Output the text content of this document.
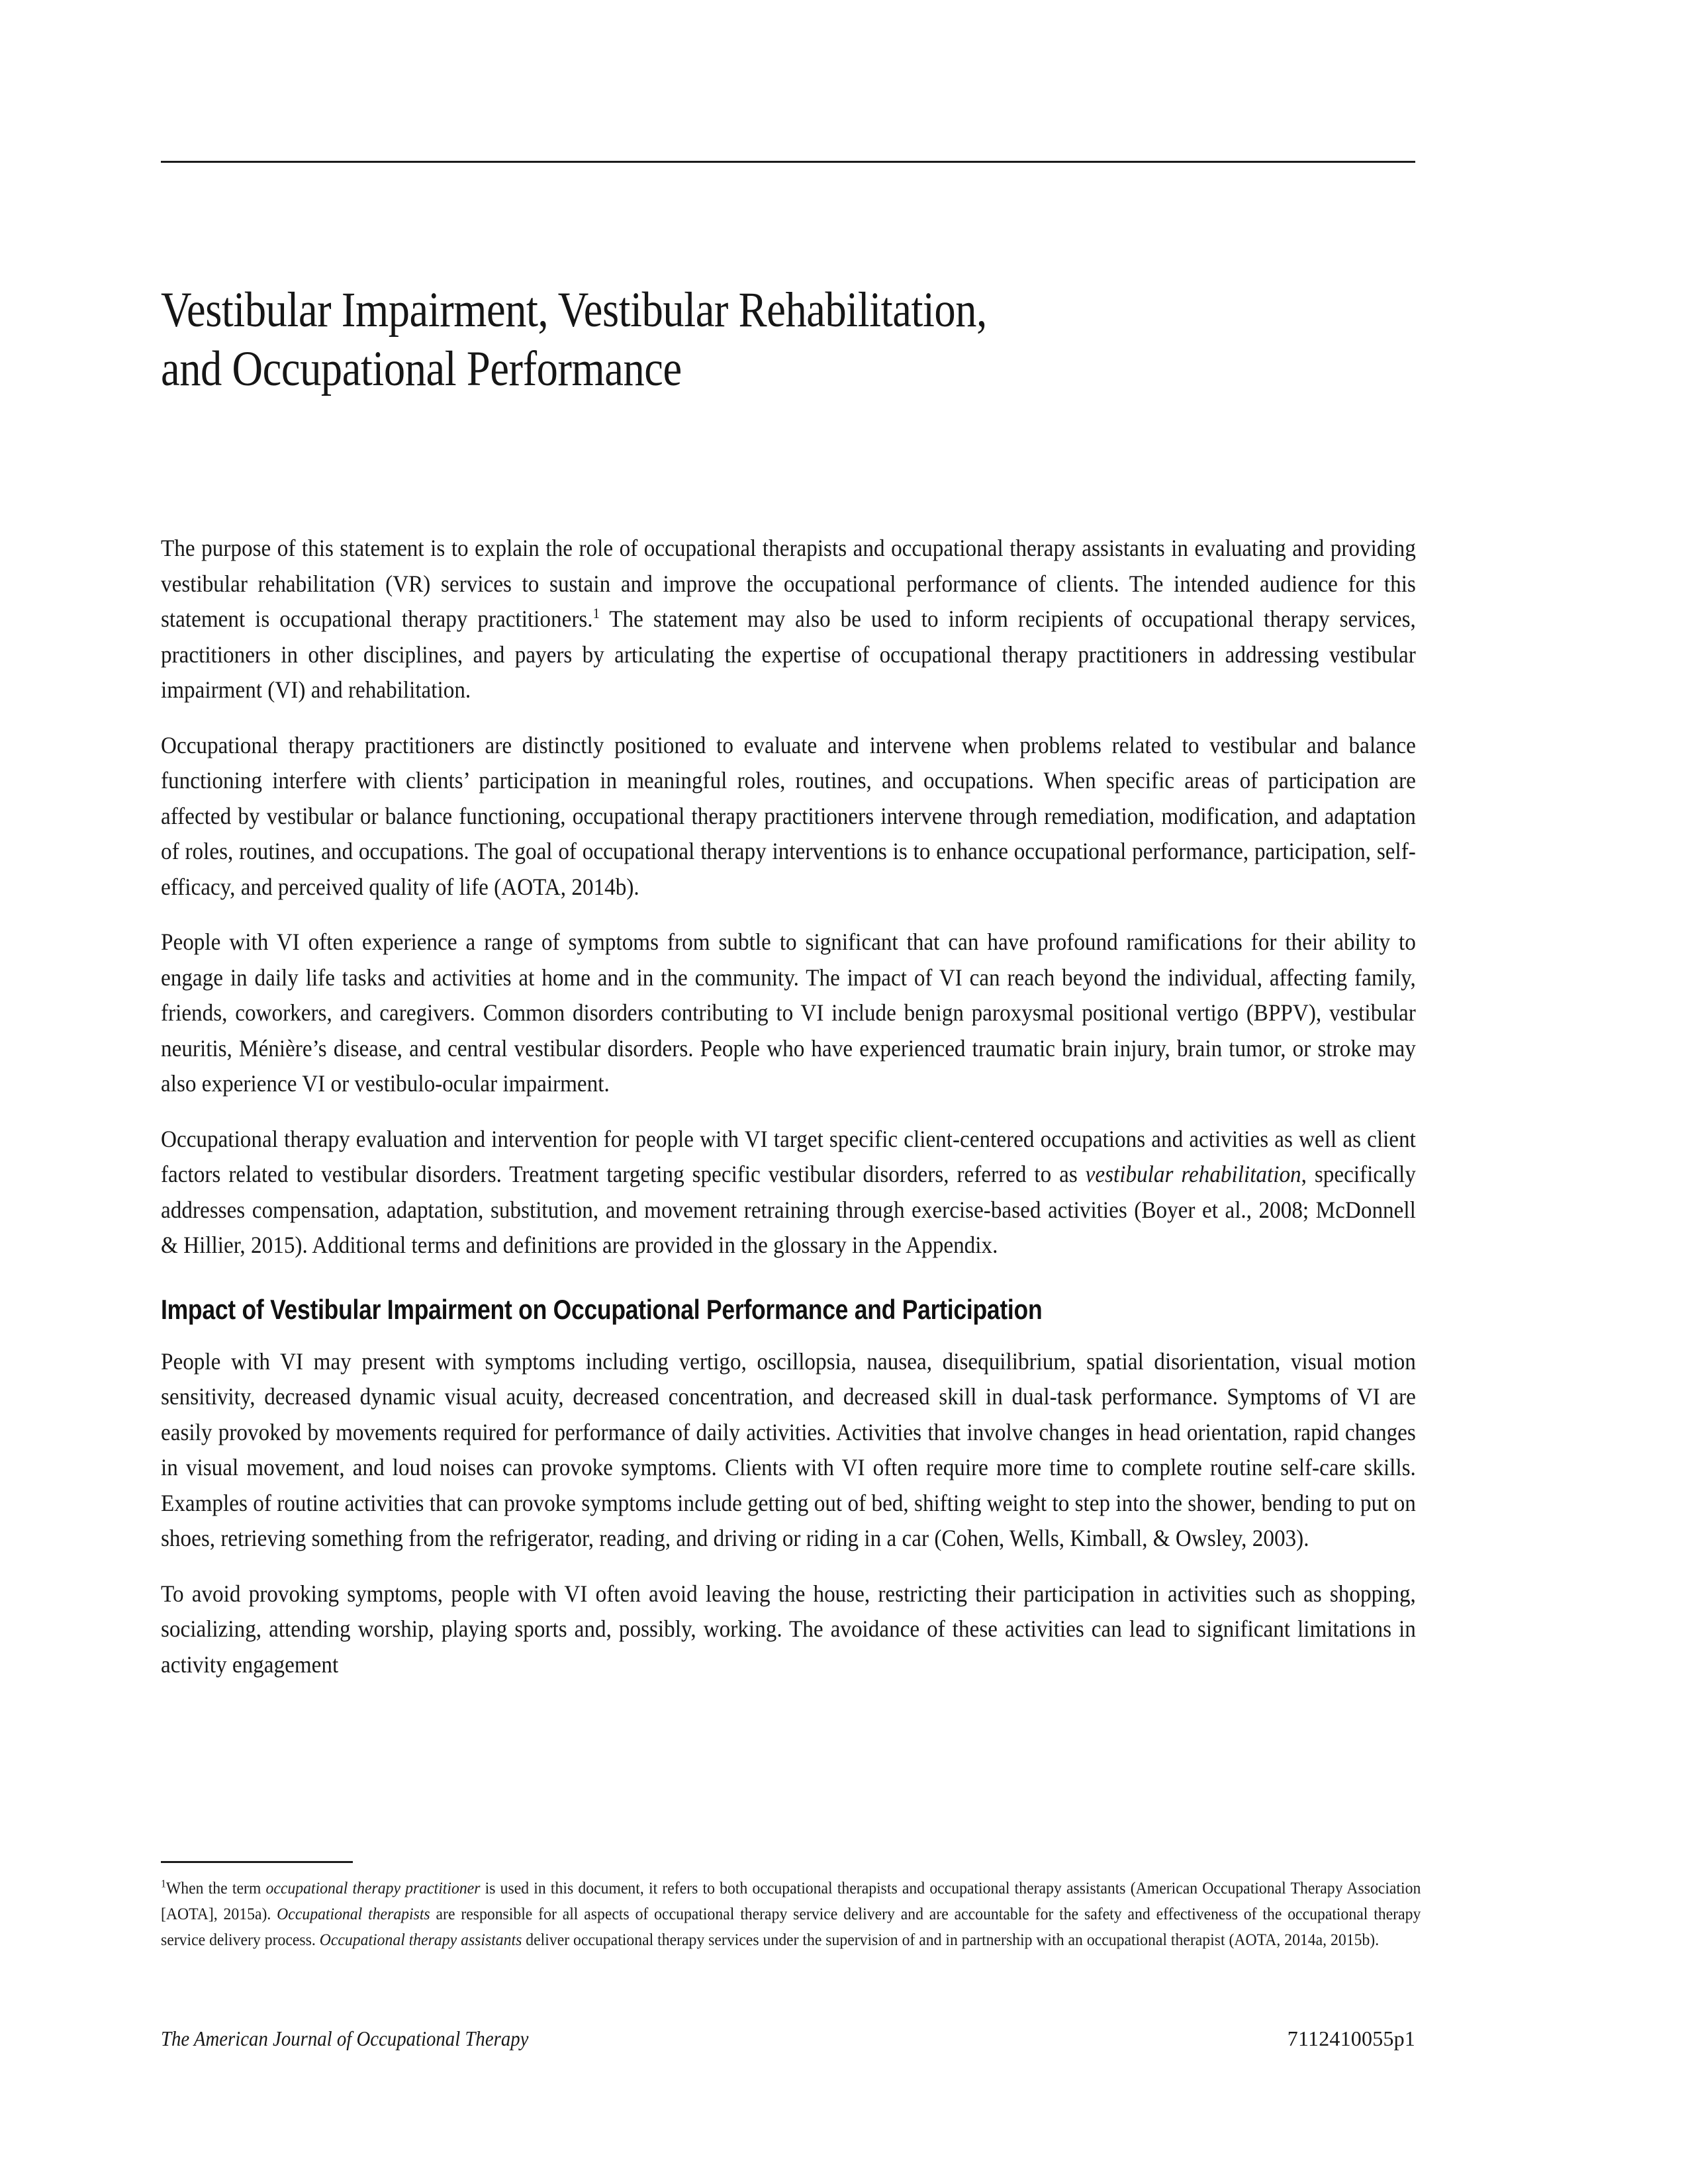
Vestibular Impairment, Vestibular Rehabilitation,
and Occupational Performance

The purpose of this statement is to explain the role of occupational therapists and occupational therapy assistants in evaluating and providing vestibular rehabilitation (VR) services to sustain and improve the occupational performance of clients. The intended audience for this statement is occupational therapy practitioners.$^1$ The statement may also be used to inform recipients of occupational therapy services, practitioners in other disciplines, and payers by articulating the expertise of occupational therapy practitioners in addressing vestibular impairment (VI) and rehabilitation.

Occupational therapy practitioners are distinctly positioned to evaluate and intervene when problems related to vestibular and balance functioning interfere with clients’ participation in meaningful roles, routines, and occupations. When specific areas of participation are affected by vestibular or balance functioning, occupational therapy practitioners intervene through remediation, modification, and adaptation of roles, routines, and occupations. The goal of occupational therapy interventions is to enhance occupational performance, participation, self-efficacy, and perceived quality of life (AOTA, 2014b).

People with VI often experience a range of symptoms from subtle to significant that can have profound ramifications for their ability to engage in daily life tasks and activities at home and in the community. The impact of VI can reach beyond the individual, affecting family, friends, coworkers, and caregivers. Common disorders contributing to VI include benign paroxysmal positional vertigo (BPPV), vestibular neuritis, Ménière’s disease, and central vestibular disorders. People who have experienced traumatic brain injury, brain tumor, or stroke may also experience VI or vestibulo-ocular impairment.

Occupational therapy evaluation and intervention for people with VI target specific client-centered occupations and activities as well as client factors related to vestibular disorders. Treatment targeting specific vestibular disorders, referred to as vestibular rehabilitation, specifically addresses compensation, adaptation, substitution, and movement retraining through exercise-based activities (Boyer et al., 2008; McDonnell & Hillier, 2015). Additional terms and definitions are provided in the glossary in the Appendix.

Impact of Vestibular Impairment on Occupational Performance and Participation

People with VI may present with symptoms including vertigo, oscillopsia, nausea, disequilibrium, spatial disorientation, visual motion sensitivity, decreased dynamic visual acuity, decreased concentration, and decreased skill in dual-task performance. Symptoms of VI are easily provoked by movements required for performance of daily activities. Activities that involve changes in head orientation, rapid changes in visual movement, and loud noises can provoke symptoms. Clients with VI often require more time to complete routine self-care skills. Examples of routine activities that can provoke symptoms include getting out of bed, shifting weight to step into the shower, bending to put on shoes, retrieving something from the refrigerator, reading, and driving or riding in a car (Cohen, Wells, Kimball, & Owsley, 2003).

To avoid provoking symptoms, people with VI often avoid leaving the house, restricting their participation in activities such as shopping, socializing, attending worship, playing sports and, possibly, working. The avoidance of these activities can lead to significant limitations in activity engagement

$^1$When the term occupational therapy practitioner is used in this document, it refers to both occupational therapists and occupational therapy assistants (American Occupational Therapy Association [AOTA], 2015a). Occupational therapists are responsible for all aspects of occupational therapy service delivery and are accountable for the safety and effectiveness of the occupational therapy service delivery process. Occupational therapy assistants deliver occupational therapy services under the supervision of and in partnership with an occupational therapist (AOTA, 2014a, 2015b).

The American Journal of Occupational Therapy	7112410055p1
